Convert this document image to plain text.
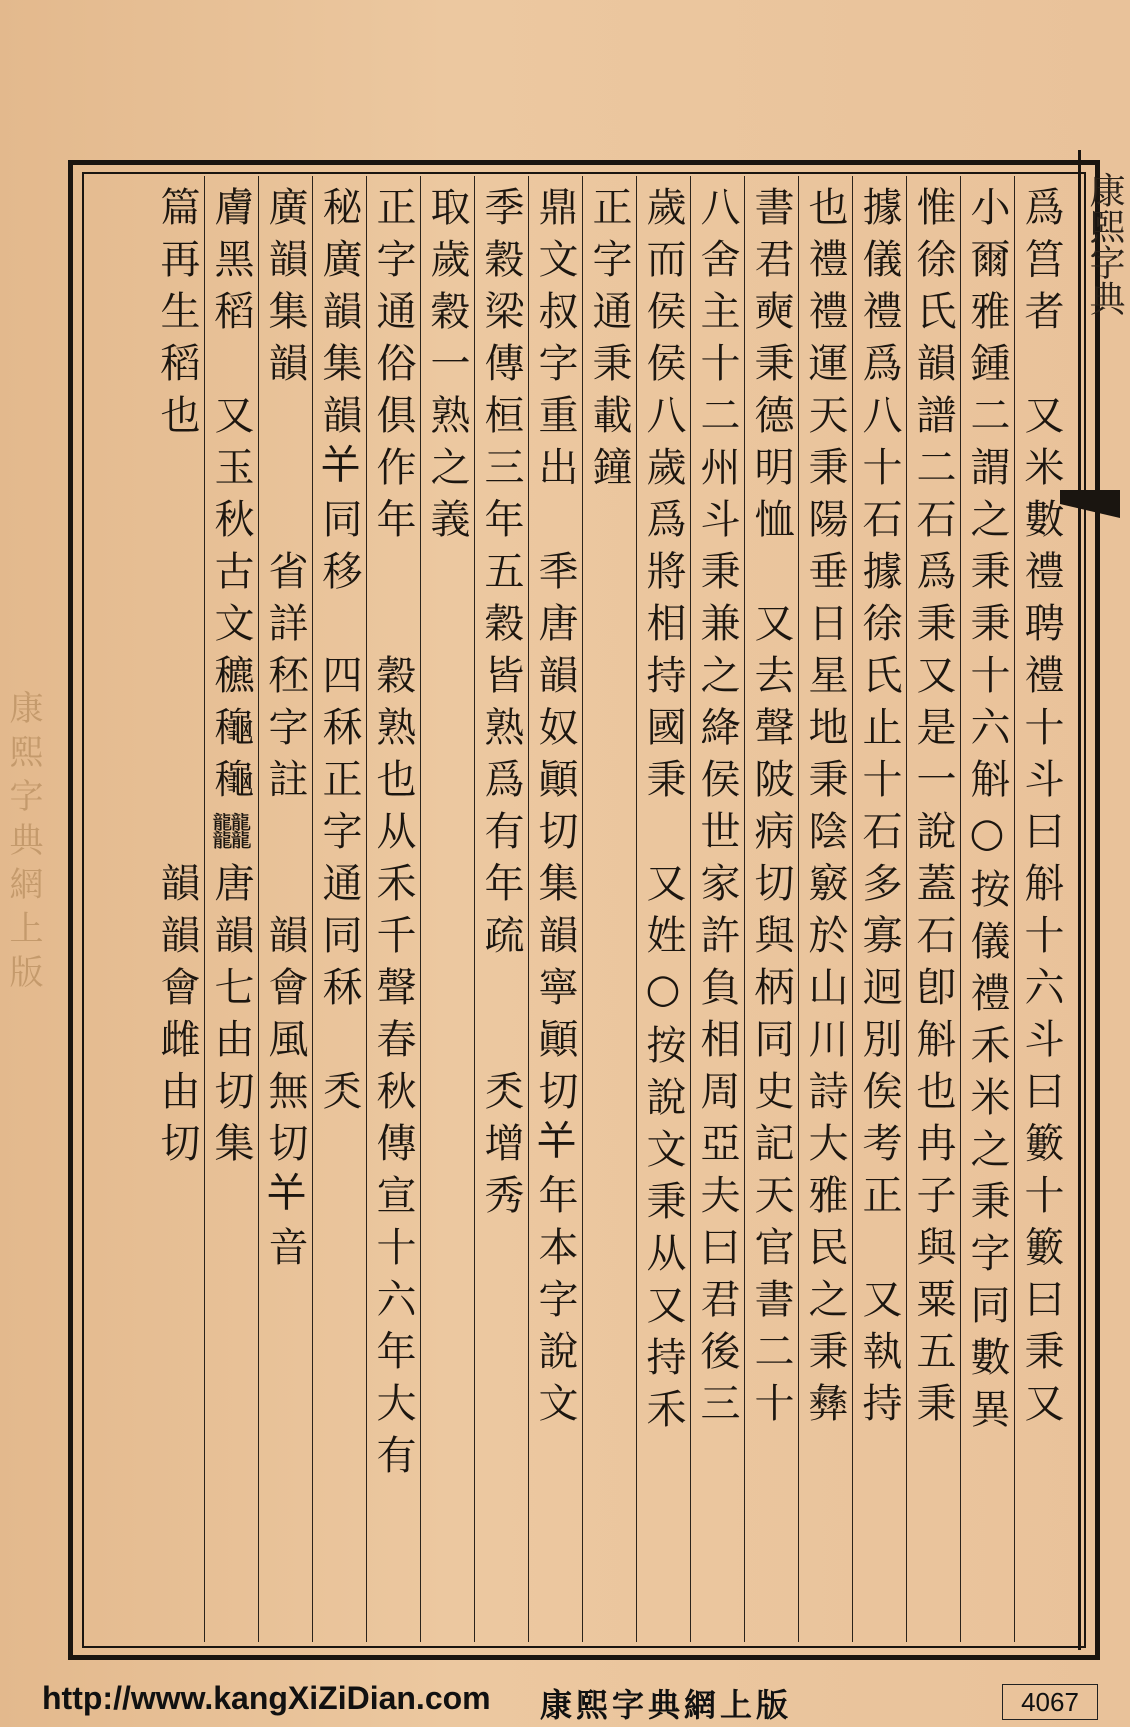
康熙字典網上版
康熙字典
爲筥者　又米數禮聘禮十斗曰斛十六斗曰籔十籔曰秉又
小爾雅鍾二謂之秉秉十六斛○按儀禮禾米之秉字同數異
惟徐氏韻譜二石爲秉又是一說蓋石卽斛也冉子與粟五秉
據儀禮爲八十石據徐氏止十石多寡迥別俟考正　又執持
也禮禮運天秉陽垂日星地秉陰竅於山川詩大雅民之秉彝
書君奭秉德明恤　又去聲陂病切與柄同史記天官書二十
八舍主十二州斗秉兼之絳侯世家許負相周亞夫曰君後三
歲而侯侯八歲爲將相持國秉　又姓○按說文秉从又持禾
正字通秉載鐘
鼎文叔字重出　秊唐韻奴顚切集韻寧顚切𢆉年本字說文
季穀梁傳桓三年五穀皆熟爲有年疏　　秂增秀
取歲穀一熟之義
正字通俗俱作年　　穀熟也从禾千聲春秋傳宣十六年大有
秘廣韻集韻𢆉同移　四秝正字通同秝　秂
廣韻集韻　　　省詳秠字註　　韻會風無切𢆉音
膚黑稻　又玉秋古文穮龝龝𪚥唐韻七由切集
篇再生稻也　　　　　　　　韻韻會雌由切
http://www.kangXiZiDian.com 康熙字典網上版	4067
